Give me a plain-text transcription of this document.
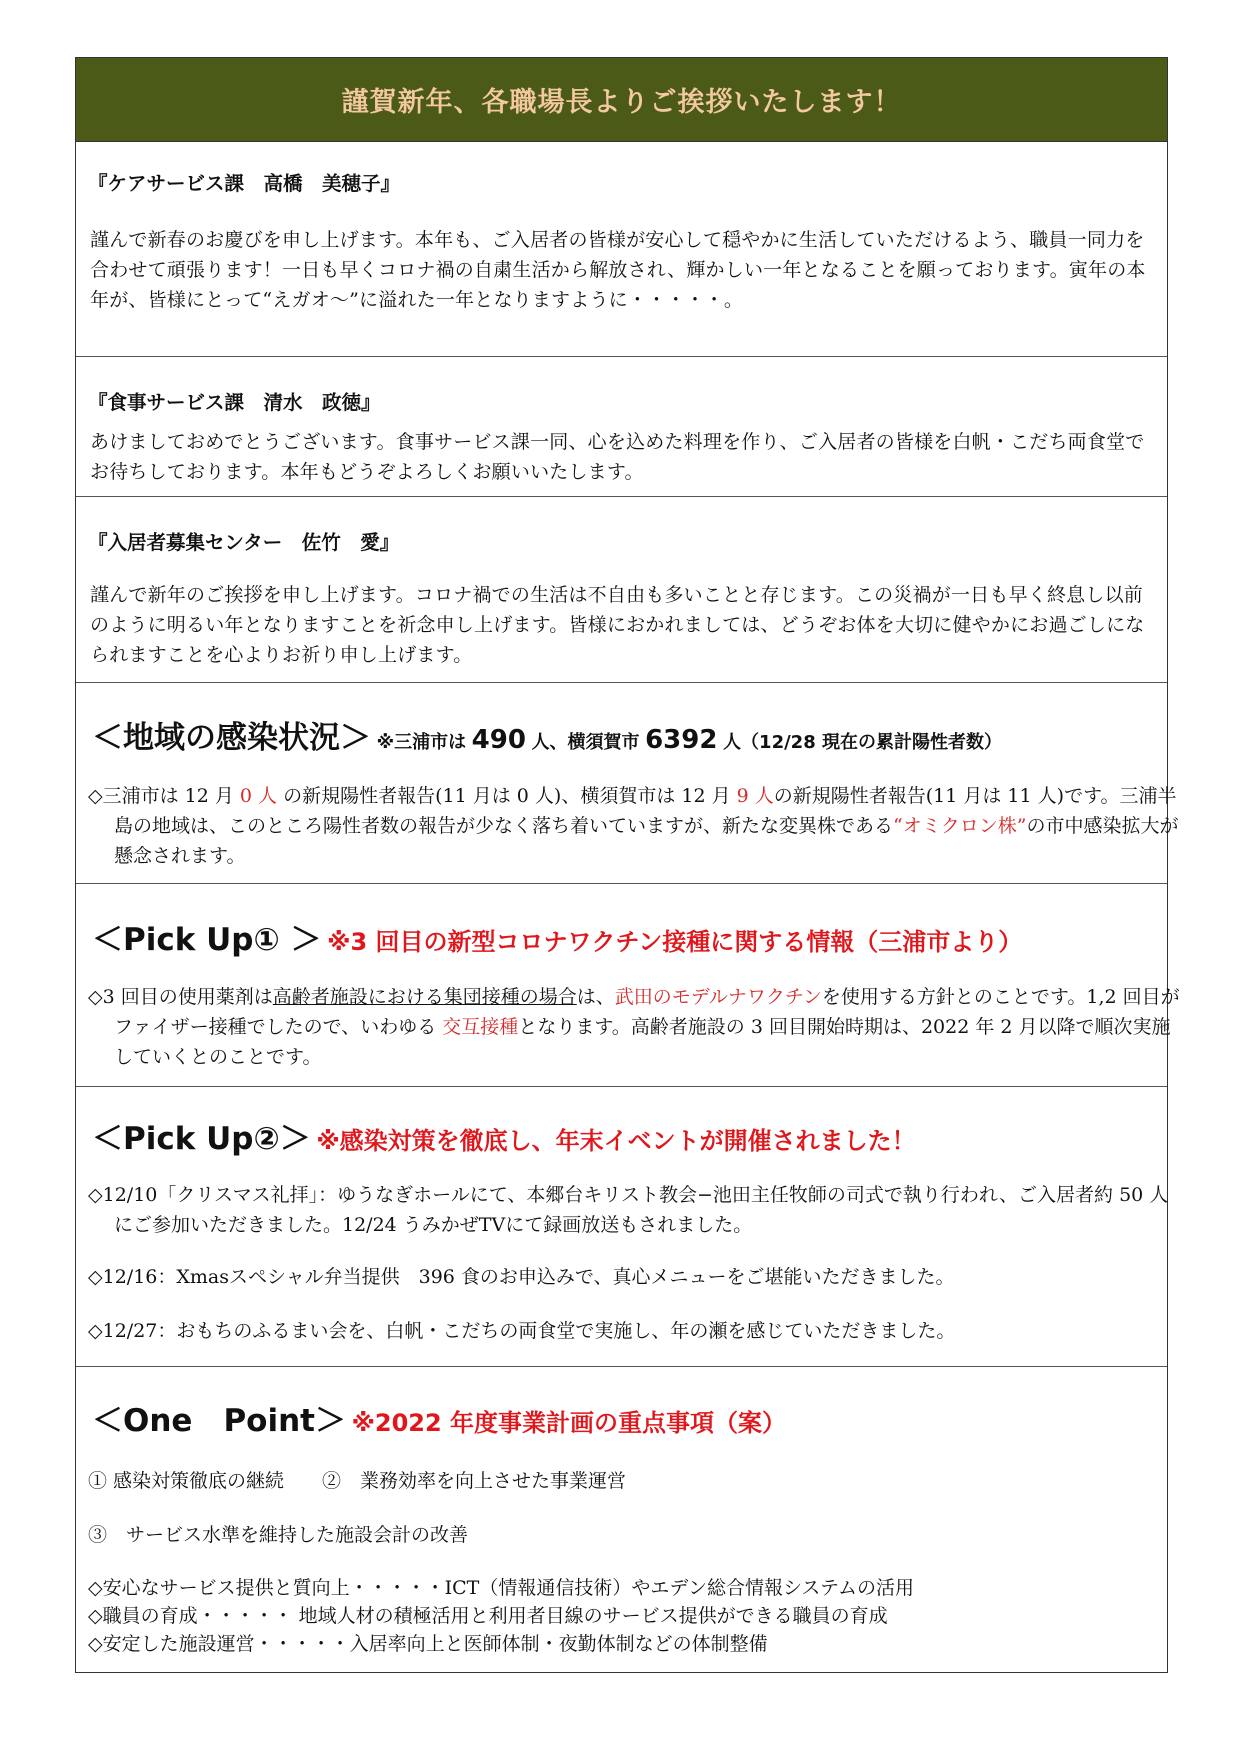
謹賀新年、各職場長よりご挨拶いたします！
『ケアサービス課　高橋　美穂子』

謹んで新春のお慶びを申し上げます。本年も、ご入居者の皆様が安心して穏やかに生活していただけるよう、職員一同力を合わせて頑張ります！一日も早くコロナ禍の自粛生活から解放され、輝かしい一年となることを願っております。寅年の本年が、皆様にとって“えガオ〜”に溢れた一年となりますように・・・・・。

『食事サービス課　清水　政徳』

あけましておめでとうございます。食事サービス課一同、心を込めた料理を作り、ご入居者の皆様を白帆・こだち両食堂でお待ちしております。本年もどうぞよろしくお願いいたします。

『入居者募集センター　佐竹　愛』

謹んで新年のご挨拶を申し上げます。コロナ禍での生活は不自由も多いことと存じます。この災禍が一日も早く終息し以前のように明るい年となりますことを祈念申し上げます。皆様におかれましては、どうぞお体を大切に健やかにお過ごしになられますことを心よりお祈り申し上げます。

＜地域の感染状況＞ ※三浦市は 490 人、横須賀市 6392 人（12/28 現在の累計陽性者数）

◇三浦市は 12 月 0 人 の新規陽性者報告(11 月は 0 人)、横須賀市は 12 月 9 人の新規陽性者報告(11 月は 11 人)です。三浦半島の地域は、このところ陽性者数の報告が少なく落ち着いていますが、新たな変異株である“オミクロン株”の市中感染拡大が懸念されます。

＜Pick Up① ＞ ※3 回目の新型コロナワクチン接種に関する情報（三浦市より）

◇3 回目の使用薬剤は高齢者施設における集団接種の場合は、武田のモデルナワクチンを使用する方針とのことです。1,2 回目がファイザー接種でしたので、いわゆる 交互接種となります。高齢者施設の 3 回目開始時期は、2022 年 2 月以降で順次実施していくとのことです。

＜Pick Up②＞ ※感染対策を徹底し、年末イベントが開催されました！

◇12/10「クリスマス礼拝」：ゆうなぎホールにて、本郷台キリスト教会−池田主任牧師の司式で執り行われ、ご入居者約 50 人にご参加いただきました。12/24 うみかぜTVにて録画放送もされました。

◇12/16：Xmasスペシャル弁当提供　396 食のお申込みで、真心メニューをご堪能いただきました。

◇12/27：おもちのふるまい会を、白帆・こだちの両食堂で実施し、年の瀬を感じていただきました。

＜One　Point＞ ※2022 年度事業計画の重点事項（案）
① 感染対策徹底の継続　　②　業務効率を向上させた事業運営
③　サービス水準を維持した施設会計の改善
◇安心なサービス提供と質向上・・・・・ICT（情報通信技術）やエデン総合情報システムの活用
◇職員の育成・・・・・ 地域人材の積極活用と利用者目線のサービス提供ができる職員の育成
◇安定した施設運営・・・・・入居率向上と医師体制・夜勤体制などの体制整備
